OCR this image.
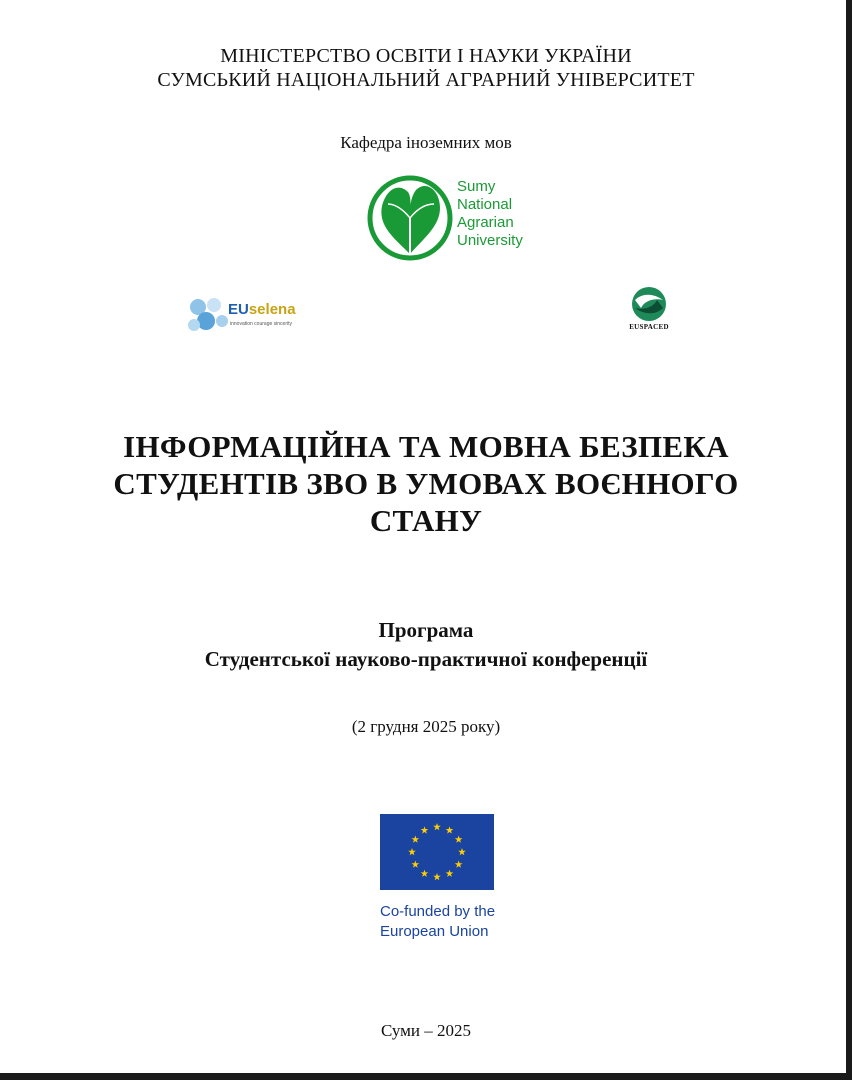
МІНІСТЕРСТВО ОСВІТИ І НАУКИ УКРАЇНИ
СУМСЬКИЙ НАЦІОНАЛЬНИЙ АГРАРНИЙ УНІВЕРСИТЕТ
Кафедра іноземних мов
Sumy
National
Agrarian
University
EUselena
innovation courage sincerity	EUSPACED
ІНФОРМАЦІЙНА ТА МОВНА БЕЗПЕКА
СТУДЕНТІВ ЗВО В УМОВАХ ВОЄННОГО
СТАНУ
Програма
Студентської науково-практичної конференції
(2 грудня 2025 року)
Co-funded by the
European Union
Суми – 2025
